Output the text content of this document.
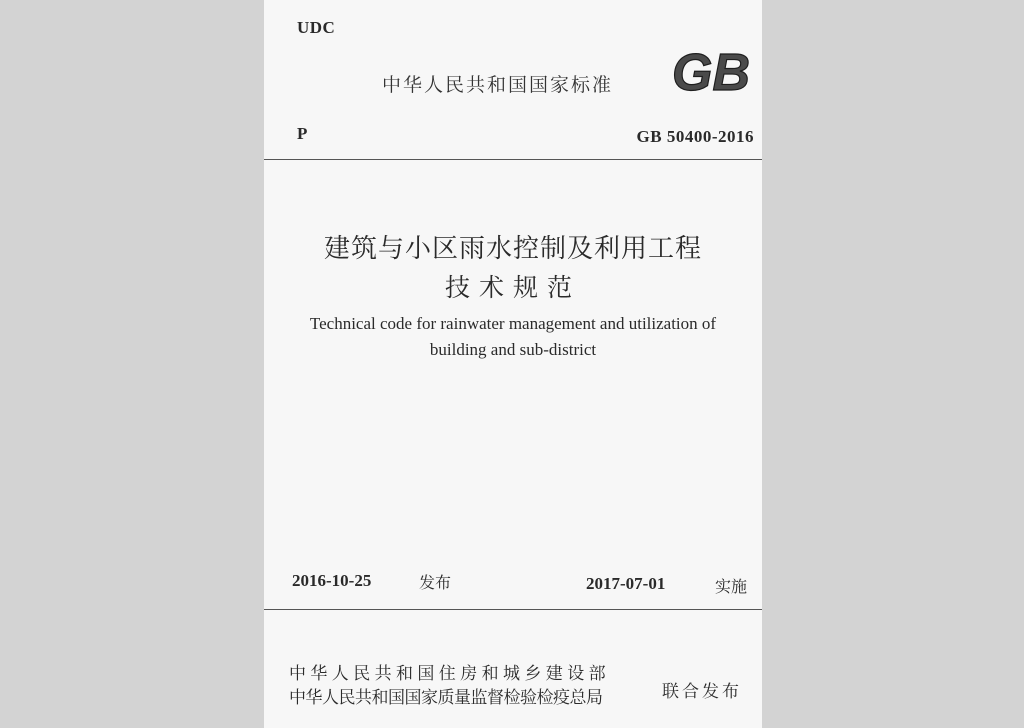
UDC
中华人民共和国国家标准 GB
P	GB 50400-2016
建筑与小区雨水控制及利用工程
技术规范
Technical code for rainwater management and utilization of
building and sub-district
2016-10-25	发布	2017-07-01	实施
中华人民共和国住房和城乡建设部
中华人民共和国国家质量监督检验检疫总局	联合发布
